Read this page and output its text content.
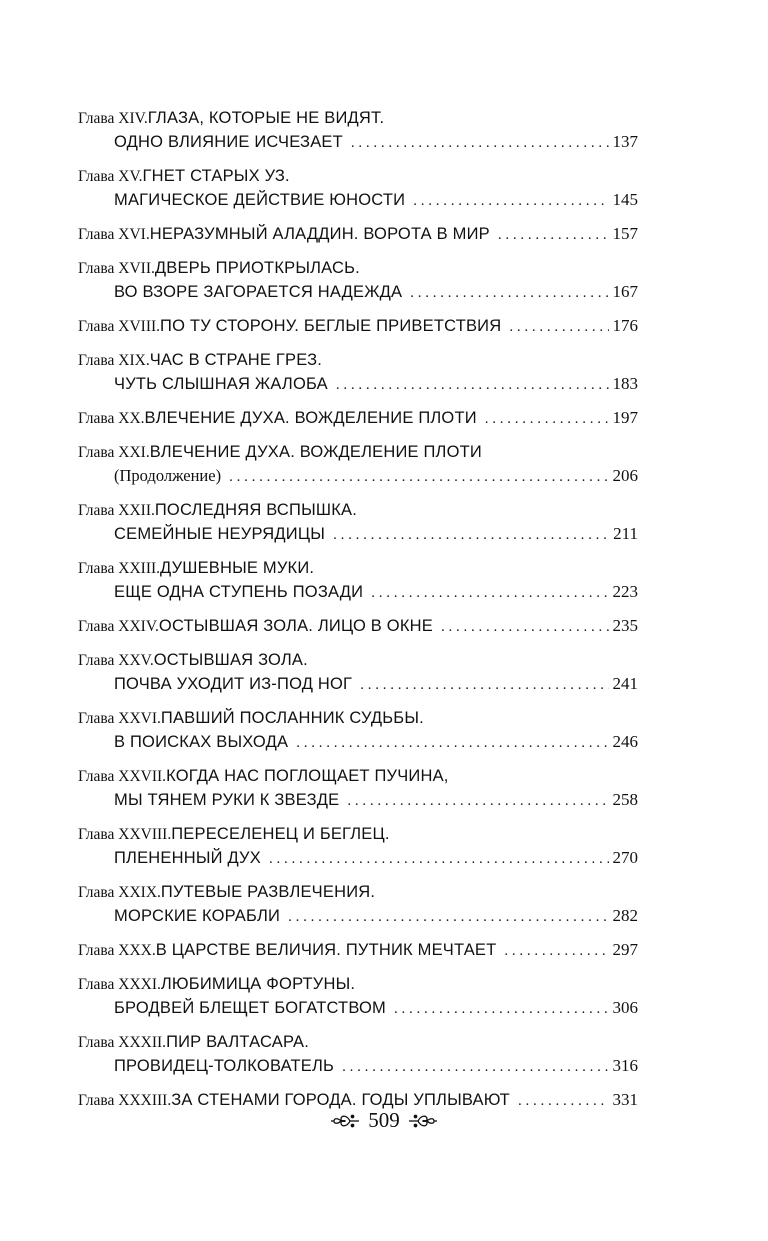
Глава XIV. ГЛАЗА, КОТОРЫЕ НЕ ВИДЯТ.
ОДНО ВЛИЯНИЕ ИСЧЕЗАЕТ . . .	137
Глава XV. ГНЕТ СТАРЫХ УЗ.
МАГИЧЕСКОЕ ДЕЙСТВИЕ ЮНОСТИ . . .	145
Глава XVI. НЕРАЗУМНЫЙ АЛАДДИН. ВОРОТА В МИР . . .	157
Глава XVII. ДВЕРЬ ПРИОТКРЫЛАСЬ.
ВО ВЗОРЕ ЗАГОРАЕТСЯ НАДЕЖДА . . .	167
Глава XVIII. ПО ТУ СТОРОНУ. БЕГЛЫЕ ПРИВЕТСТВИЯ . . .	176
Глава XIX. ЧАС В СТРАНЕ ГРЕЗ.
ЧУТЬ СЛЫШНАЯ ЖАЛОБА . . .	183
Глава XX. ВЛЕЧЕНИЕ ДУХА. ВОЖДЕЛЕНИЕ ПЛОТИ . . .	197
Глава XXI. ВЛЕЧЕНИЕ ДУХА. ВОЖДЕЛЕНИЕ ПЛОТИ
(Продолжение) . . .	206
Глава XXII. ПОСЛЕДНЯЯ ВСПЫШКА.
СЕМЕЙНЫЕ НЕУРЯДИЦЫ . . .	211
Глава XXIII. ДУШЕВНЫЕ МУКИ.
ЕЩЕ ОДНА СТУПЕНЬ ПОЗАДИ . . .	223
Глава XXIV. ОСТЫВШАЯ ЗОЛА. ЛИЦО В ОКНЕ . . .	235
Глава XXV. ОСТЫВШАЯ ЗОЛА.
ПОЧВА УХОДИТ ИЗ-ПОД НОГ . . .	241
Глава XXVI. ПАВШИЙ ПОСЛАННИК СУДЬБЫ.
В ПОИСКАХ ВЫХОДА . . .	246
Глава XXVII. КОГДА НАС ПОГЛОЩАЕТ ПУЧИНА,
МЫ ТЯНЕМ РУКИ К ЗВЕЗДЕ . . .	258
Глава XXVIII. ПЕРЕСЕЛЕНЕЦ И БЕГЛЕЦ.
ПЛЕНЕННЫЙ ДУХ . . .	270
Глава XXIX. ПУТЕВЫЕ РАЗВЛЕЧЕНИЯ.
МОРСКИЕ КОРАБЛИ . . .	282
Глава XXX. В ЦАРСТВЕ ВЕЛИЧИЯ. ПУТНИК МЕЧТАЕТ . . .	297
Глава XXXI. ЛЮБИМИЦА ФОРТУНЫ.
БРОДВЕЙ БЛЕЩЕТ БОГАТСТВОМ . . .	306
Глава XXXII. ПИР ВАЛТАСАРА.
ПРОВИДЕЦ-ТОЛКОВАТЕЛЬ . . .	316
Глава XXXIII. ЗА СТЕНАМИ ГОРОДА. ГОДЫ УПЛЫВАЮТ . . .	331
509
